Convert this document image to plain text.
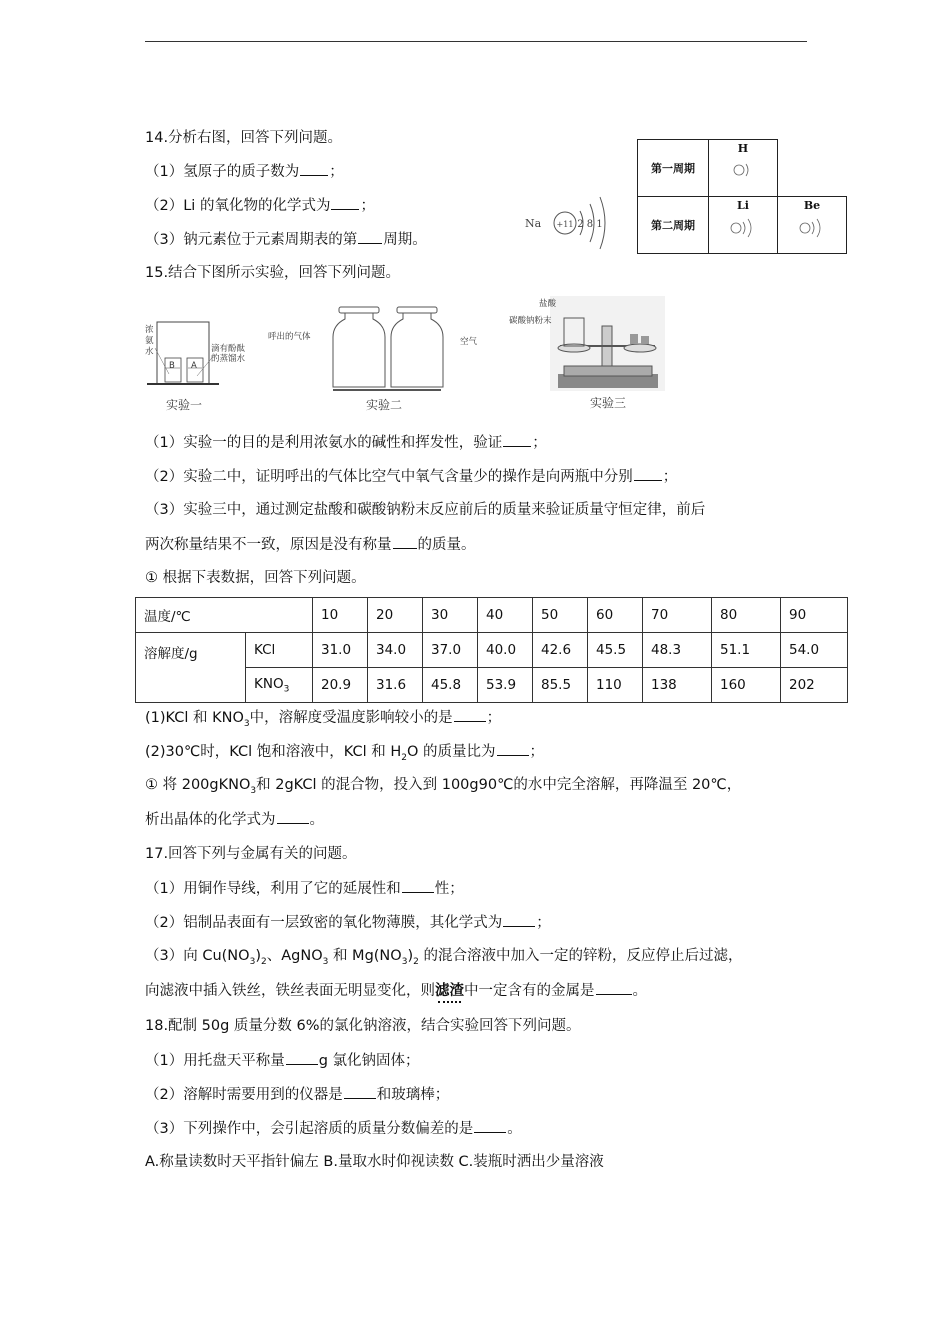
14.分析右图，回答下列问题。
（1）氢原子的质子数为 ；
（2）Li 的氧化物的化学式为 ；
（3）钠元素位于元素周期表的第 周期。
Na +11 2 8 1
第一周期	H	

第二周期	Li	Be
15.结合下图所示实验，回答下列问题。
浓氨水	滴有酚酞的蒸馏水
B A
实验一
呼出的气体	空气
实验二
盐酸
碳酸钠粉末
实验三
（1）实验一的目的是利用浓氨水的碱性和挥发性，验证 ；
（2）实验二中，证明呼出的气体比空气中氧气含量少的操作是向两瓶中分别 ；
（3）实验三中，通过测定盐酸和碳酸钠粉末反应前后的质量来验证质量守恒定律，前后
两次称量结果不一致，原因是没有称量 的质量。
① 根据下表数据，回答下列问题。
温度/℃		10	20	30	40	50	60	70	80	90
溶解度/g	KCl	31.0	34.0	37.0	40.0	42.6	45.5	48.3	51.1	54.0
	$KNO_3$	20.9	31.6	45.8	53.9	85.5	110	138	160	202
(1)KCl 和 $KNO_3$中，溶解度受温度影响较小的是 ；
(2)30℃时，KCl 饱和溶液中，KCl 和 $H_2O$ 的质量比为 ；
① 将 200gKNO$_3$和 2gKCl 的混合物，投入到 100g90℃的水中完全溶解，再降温至 20℃，
析出晶体的化学式为 。
17.回答下列与金属有关的问题。
（1）用铜作导线，利用了它的延展性和 性；
（2）铝制品表面有一层致密的氧化物薄膜，其化学式为 ；
（3）向 $Cu(NO_3)_2$、AgNO$_3$ 和 $Mg(NO_3)_2$ 的混合溶液中加入一定的锌粉，反应停止后过滤，
向滤液中插入铁丝，铁丝表面无明显变化，则滤渣中一定含有的金属是	。
18.配制 50g 质量分数 6%的氯化钠溶液，结合实验回答下列问题。
（1）用托盘天平称量 g 氯化钠固体；
（2）溶解时需要用到的仪器是 和玻璃棒；
（3）下列操作中，会引起溶质的质量分数偏差的是 。
A.称量读数时天平指针偏左 B.量取水时仰视读数 C.装瓶时洒出少量溶液
